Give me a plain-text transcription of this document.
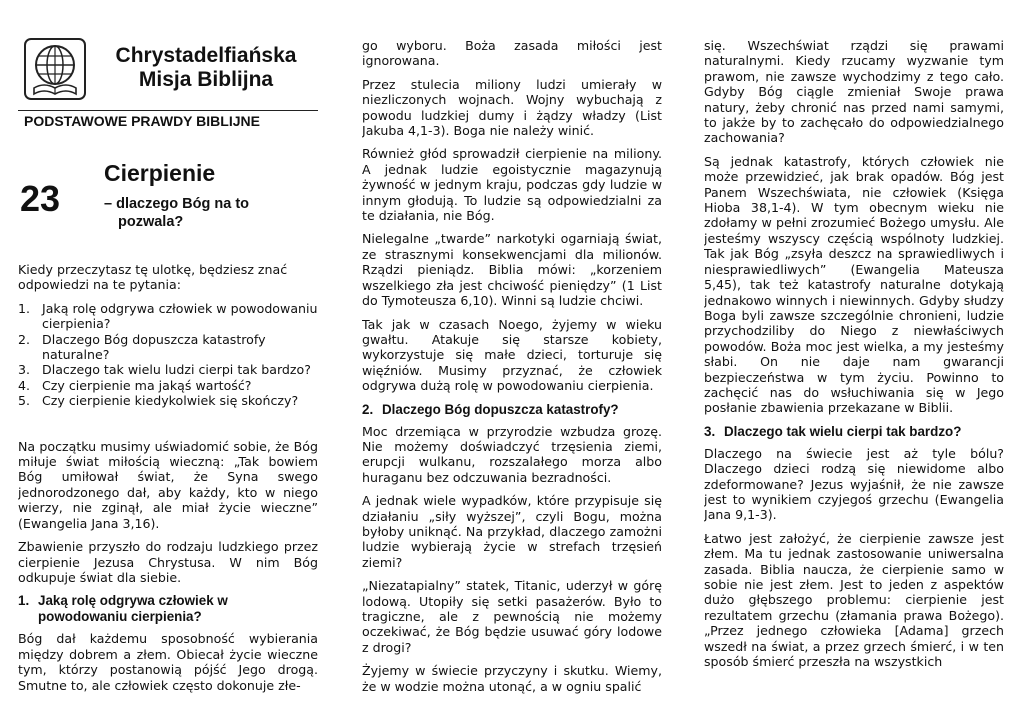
Chrystadelfiańska
Misja Biblijna
PODSTAWOWE PRAWDY BIBLIJNE
23
Cierpienie
– dlaczego Bóg na to
pozwala?

Kiedy przeczytasz tę ulotkę, będziesz znać odpowiedzi na te pytania:

1. Jaką rolę odgrywa człowiek w powodowaniu cierpienia?
2. Dlaczego Bóg dopuszcza katastrofy naturalne?
3. Dlaczego tak wielu ludzi cierpi tak bardzo?
4. Czy cierpienie ma jakąś wartość?
5. Czy cierpienie kiedykolwiek się skończy?

Na początku musimy uświadomić sobie, że Bóg miłuje świat miłością wieczną: „Tak bowiem Bóg umiłował świat, że Syna swego jednorodzonego dał, aby każdy, kto w niego wierzy, nie zginął, ale miał życie wieczne” (Ewangelia Jana 3,16).

Zbawienie przyszło do rodzaju ludzkiego przez cierpienie Jezusa Chrystusa. W nim Bóg odkupuje świat dla siebie.

1. Jaką rolę odgrywa człowiek w powodowaniu cierpienia?

Bóg dał każdemu sposobność wybierania między dobrem a złem. Obiecał życie wieczne tym, którzy postanowią pójść Jego drogą. Smutne to, ale człowiek często dokonuje złe-

go wyboru. Boża zasada miłości jest ignorowana.

Przez stulecia miliony ludzi umierały w niezliczonych wojnach. Wojny wybuchają z powodu ludzkiej dumy i żądzy władzy (List Jakuba 4,1-3). Boga nie należy winić.

Również głód sprowadził cierpienie na miliony. A jednak ludzie egoistycznie magazynują żywność w jednym kraju, podczas gdy ludzie w innym głodują. To ludzie są odpowiedzialni za te działania, nie Bóg.

Nielegalne „twarde” narkotyki ogarniają świat, ze strasznymi konsekwencjami dla milionów. Rządzi pieniądz. Biblia mówi: „korzeniem wszelkiego zła jest chciwość pieniędzy” (1 List do Tymoteusza 6,10). Winni są ludzie chciwi.

Tak jak w czasach Noego, żyjemy w wieku gwałtu. Atakuje się starsze kobiety, wykorzystuje się małe dzieci, torturuje się więźniów. Musimy przyznać, że człowiek odgrywa dużą rolę w powodowaniu cierpienia.

2. Dlaczego Bóg dopuszcza katastrofy?

Moc drzemiąca w przyrodzie wzbudza grozę. Nie możemy doświadczyć trzęsienia ziemi, erupcji wulkanu, rozszalałego morza albo huraganu bez odczuwania bezradności.

A jednak wiele wypadków, które przypisuje się działaniu „siły wyższej”, czyli Bogu, można byłoby uniknąć. Na przykład, dlaczego zamożni ludzie wybierają życie w strefach trzęsień ziemi?

„Niezatapialny” statek, Titanic, uderzył w górę lodową. Utopiły się setki pasażerów. Było to tragiczne, ale z pewnością nie możemy oczekiwać, że Bóg będzie usuwać góry lodowe z drogi?

Żyjemy w świecie przyczyny i skutku. Wiemy, że w wodzie można utonąć, a w ogniu spalić

się. Wszechświat rządzi się prawami naturalnymi. Kiedy rzucamy wyzwanie tym prawom, nie zawsze wychodzimy z tego cało. Gdyby Bóg ciągle zmieniał Swoje prawa natury, żeby chronić nas przed nami samymi, to jakże by to zachęcało do odpowiedzialnego zachowania?

Są jednak katastrofy, których człowiek nie może przewidzieć, jak brak opadów. Bóg jest Panem Wszechświata, nie człowiek (Księga Hioba 38,1-4). W tym obecnym wieku nie zdołamy w pełni zrozumieć Bożego umysłu. Ale jesteśmy wszyscy częścią wspólnoty ludzkiej. Tak jak Bóg „zsyła deszcz na sprawiedliwych i niesprawiedliwych” (Ewangelia Mateusza 5,45), tak też katastrofy naturalne dotykają jednakowo winnych i niewinnych. Gdyby słudzy Boga byli zawsze szczególnie chronieni, ludzie przychodziliby do Niego z niewłaściwych powodów. Boża moc jest wielka, a my jesteśmy słabi. On nie daje nam gwarancji bezpieczeństwa w tym życiu. Powinno to zachęcić nas do wsłuchiwania się w Jego posłanie zbawienia przekazane w Biblii.

3. Dlaczego tak wielu cierpi tak bardzo?

Dlaczego na świecie jest aż tyle bólu? Dlaczego dzieci rodzą się niewidome albo zdeformowane? Jezus wyjaśnił, że nie zawsze jest to wynikiem czyjegoś grzechu (Ewangelia Jana 9,1-3).

Łatwo jest założyć, że cierpienie zawsze jest złem. Ma tu jednak zastosowanie uniwersalna zasada. Biblia naucza, że cierpienie samo w sobie nie jest złem. Jest to jeden z aspektów dużo głębszego problemu: cierpienie jest rezultatem grzechu (złamania prawa Bożego). „Przez jednego człowieka [Adama] grzech wszedł na świat, a przez grzech śmierć, i w ten sposób śmierć przeszła na wszystkich
